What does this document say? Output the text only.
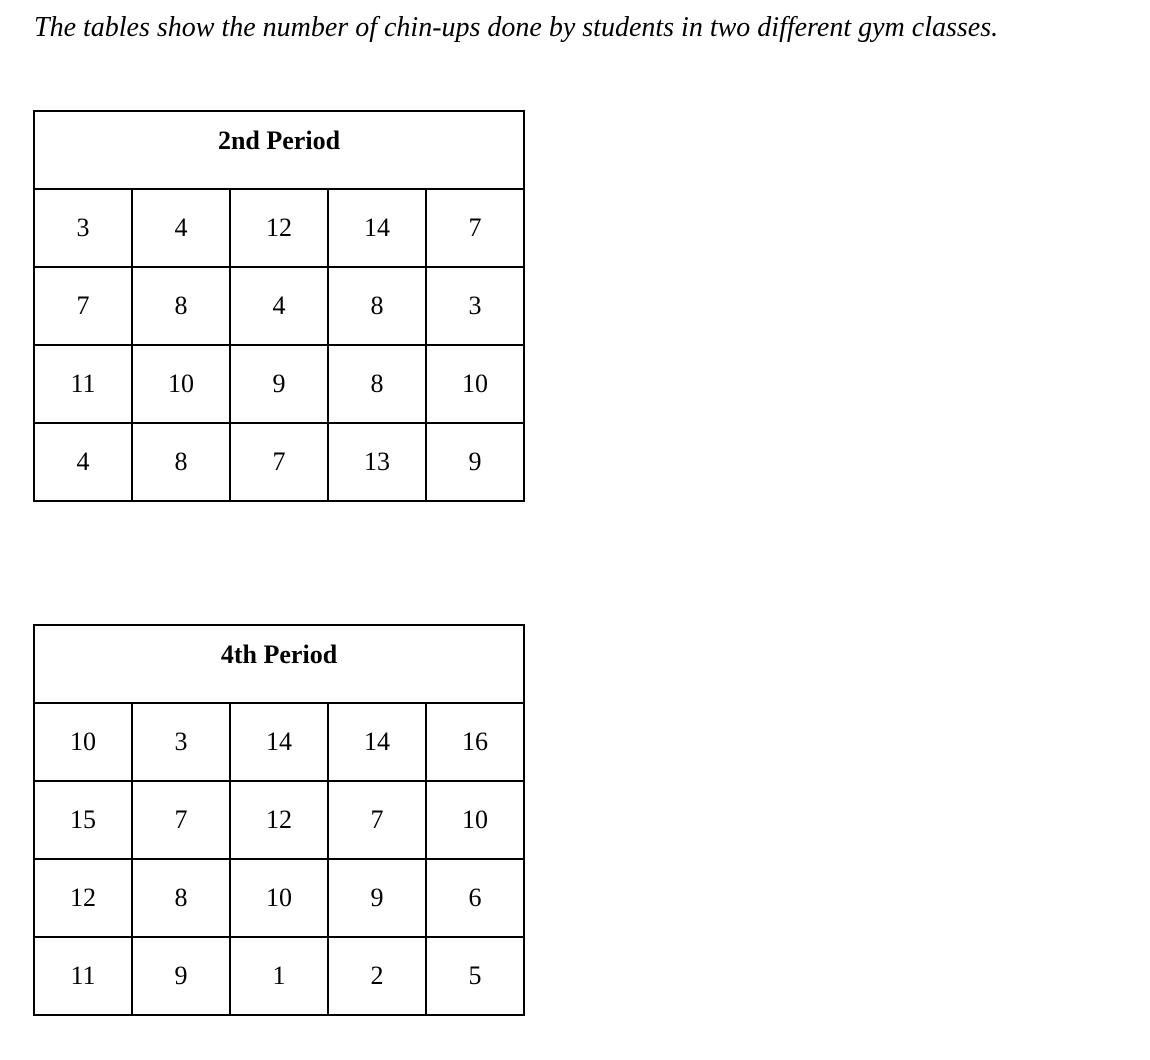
The tables show the number of chin-ups done by students in two different gym classes.

2nd Period				
3	4	12	14	7
7	8	4	8	3
11	10	9	8	10
4	8	7	13	9
4th Period				
10	3	14	14	16
15	7	12	7	10
12	8	10	9	6
11	9	1	2	5
